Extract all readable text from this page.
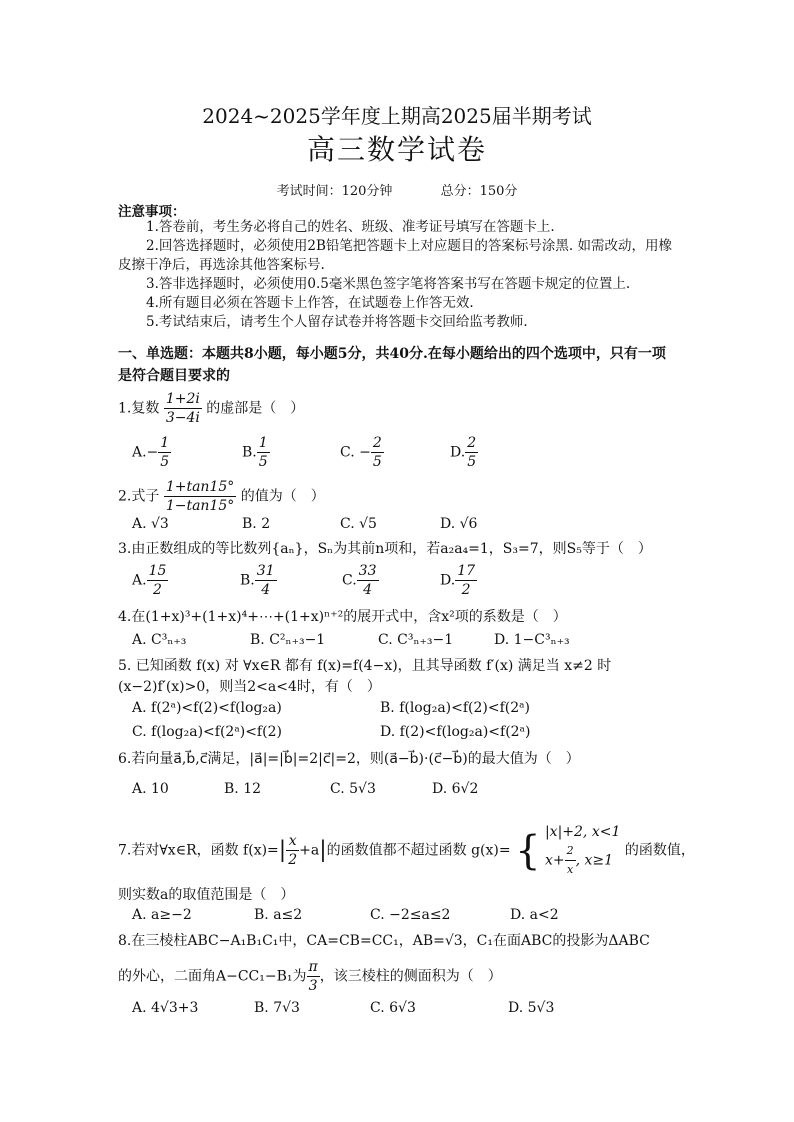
2024~2025学年度上期高2025届半期考试
高三数学试卷
考试时间：120分钟	总分：150分
注意事项：
1.答卷前，考生务必将自己的姓名、班级、准考证号填写在答题卡上.
2.回答选择题时，必须使用2B铅笔把答题卡上对应题目的答案标号涂黑. 如需改动，用橡皮擦干净后，再选涂其他答案标号.
3.答非选择题时，必须使用0.5毫米黑色签字笔将答案书写在答题卡规定的位置上.
4.所有题目必须在答题卡上作答，在试题卷上作答无效.
5.考试结束后，请考生个人留存试卷并将答题卡交回给监考教师.
一、单选题：本题共8小题，每小题5分，共40分.在每小题给出的四个选项中，只有一项是符合题目要求的
1.复数 $\frac{1+2i}{3-4i}$ 的虚部是（　）
$A.- \frac{1}{5}$	B. $\frac{1}{5}$	C. − $\frac{2}{5}$	D. $\frac{2}{5}$
2.式子 $\frac{1+\tan 15^\circ}{1-\tan 15^\circ}$ 的值为（　）
A. √3	B. 2	C. √5	D. √6
3.由正数组成的等比数列{aₙ}，Sₙ为其前n项和，若a₂a₄=1，S₃=7，则S₅等于（　）
A. $\frac{15}{2}$	B. $\frac{31}{4}$	C. $\frac{33}{4}$	D. $\frac{17}{2}$
4.在(1+x)³+(1+x)⁴+⋯+(1+x)ⁿ⁺²的展开式中，含x²项的系数是（　）
A. C³ₙ₊₃	B. C²ₙ₊₃−1	C. C³ₙ₊₃−1	D. 1−C³ₙ₊₃
5. 已知函数 f(x) 对 ∀x∈R 都有 f(x)=f(4−x)，且其导函数 f′(x) 满足当 x≠2 时
(x−2)f′(x)>0，则当2<a<4时，有（　）
A. f(2ᵃ)<f(2)<f(log₂a)	B. f(log₂a)<f(2)<f(2ᵃ)
C. f(log₂a)<f(2ᵃ)<f(2)	D. f(2)<f(log₂a)<f(2ᵃ)
6.若向量a⃗,b⃗,c⃗满足，|a⃗|=|b⃗|=2|c⃗|=2，则(a⃗−b⃗)·(c⃗−b⃗)的最大值为（　）
A. 10	B. 12	C. 5√3	D. 6√2
7.若对∀x∈R，函数 $f(x)=| \frac{x}{2} +a|$的函数值都不超过函数 g(x)= { |x|+2, x<1
$x+ \frac{2}{x}$ , x≥1
的函数值，
则实数a的取值范围是（　）
A. a≥−2	B. a≤2	C. −2≤a≤2	D. a<2
8.在三棱柱ABC−A₁B₁C₁中，CA=CB=CC₁，AB=√3，C₁在面ABC的投影为ΔABC
的外心，二面角A−CC₁−B₁为 $\frac{\pi}{3}$ ，该三棱柱的侧面积为（　）
A. 4√3+3	B. 7√3	C. 6√3	D. 5√3
